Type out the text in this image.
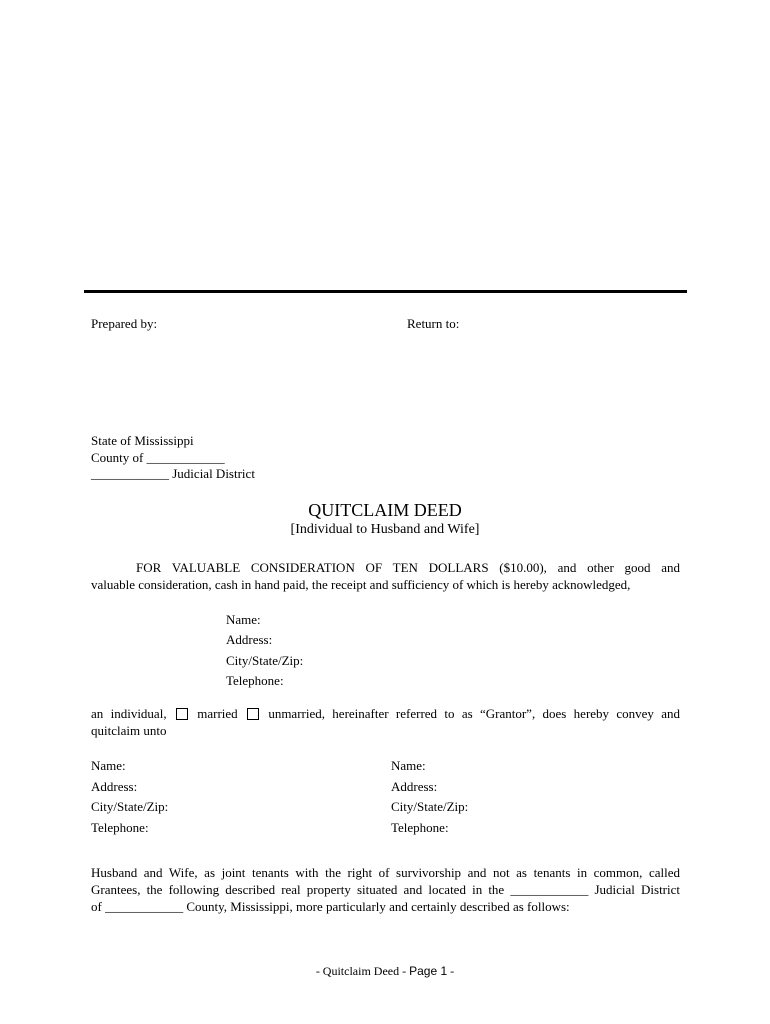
Prepared by:	Return to:
State of Mississippi
County of ____________
____________ Judicial District
QUITCLAIM DEED
[Individual to Husband and Wife]
FOR VALUABLE CONSIDERATION OF TEN DOLLARS ($10.00), and other good and
valuable consideration, cash in hand paid, the receipt and sufficiency of which is hereby acknowledged,
Name:
Address:
City/State/Zip:
Telephone:
an individual, married unmarried, hereinafter referred to as “Grantor”, does hereby convey and
quitclaim unto
Name:
Address:
City/State/Zip:
Telephone:
Name:
Address:
City/State/Zip:
Telephone:
Husband and Wife, as joint tenants with the right of survivorship and not as tenants in common, called
Grantees, the following described real property situated and located in the ____________ Judicial District
of ____________ County, Mississippi, more particularly and certainly described as follows:
- Quitclaim Deed - Page 1 -
